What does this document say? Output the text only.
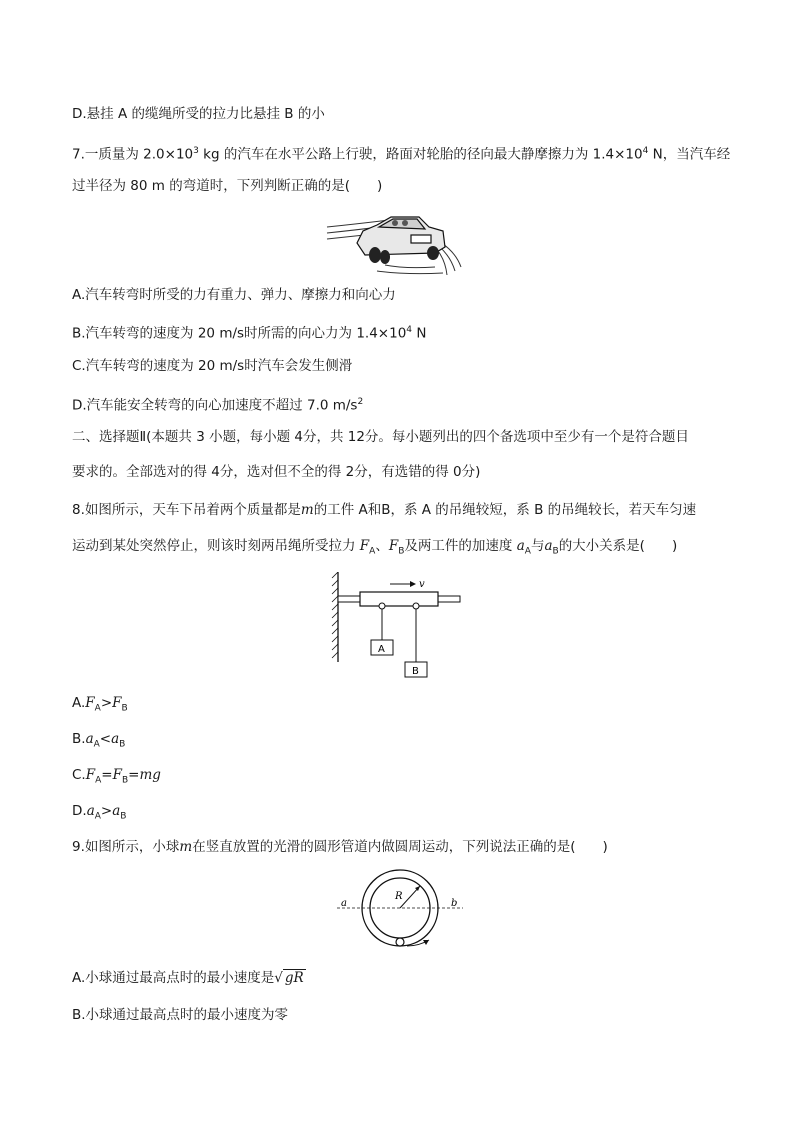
D.悬挂 A 的缆绳所受的拉力比悬挂 B 的小
7.一质量为 $2.0\times 10^3$ kg 的汽车在水平公路上行驶，路面对轮胎的径向最大静摩擦力为 $1.4\times 10^4$ N，当汽车经
过半径为 80 m 的弯道时，下列判断正确的是(　　)
A.汽车转弯时所受的力有重力、弹力、摩擦力和向心力
B.汽车转弯的速度为 20 m/s时所需的向心力为 $1.4\times 10^4$ N
C.汽车转弯的速度为 20 m/s时汽车会发生侧滑
D.汽车能安全转弯的向心加速度不超过 7.0 $m/s^2$
二、选择题Ⅱ(本题共 3 小题，每小题 4分，共 12分。每小题列出的四个备选项中至少有一个是符合题目
要求的。全部选对的得 4分，选对但不全的得 2分，有选错的得 0分)
8.如图所示，天车下吊着两个质量都是m的工件 A和B，系 A 的吊绳较短，系 B 的吊绳较长，若天车匀速
运动到某处突然停止，则该时刻两吊绳所受拉力 $F_A$、$F_B$及两工件的加速度 $a_A$与$a_B$的大小关系是(　　)
v
A
B
$A.F_A>F_B$
$B.a_A<a_B$
$C.F_A=F_B=mg$
$D.a_A>a_B$
9.如图所示，小球m在竖直放置的光滑的圆形管道内做圆周运动，下列说法正确的是(　　)
a	b
R
A.小球通过最高点时的最小速度是√ gR
B.小球通过最高点时的最小速度为零
